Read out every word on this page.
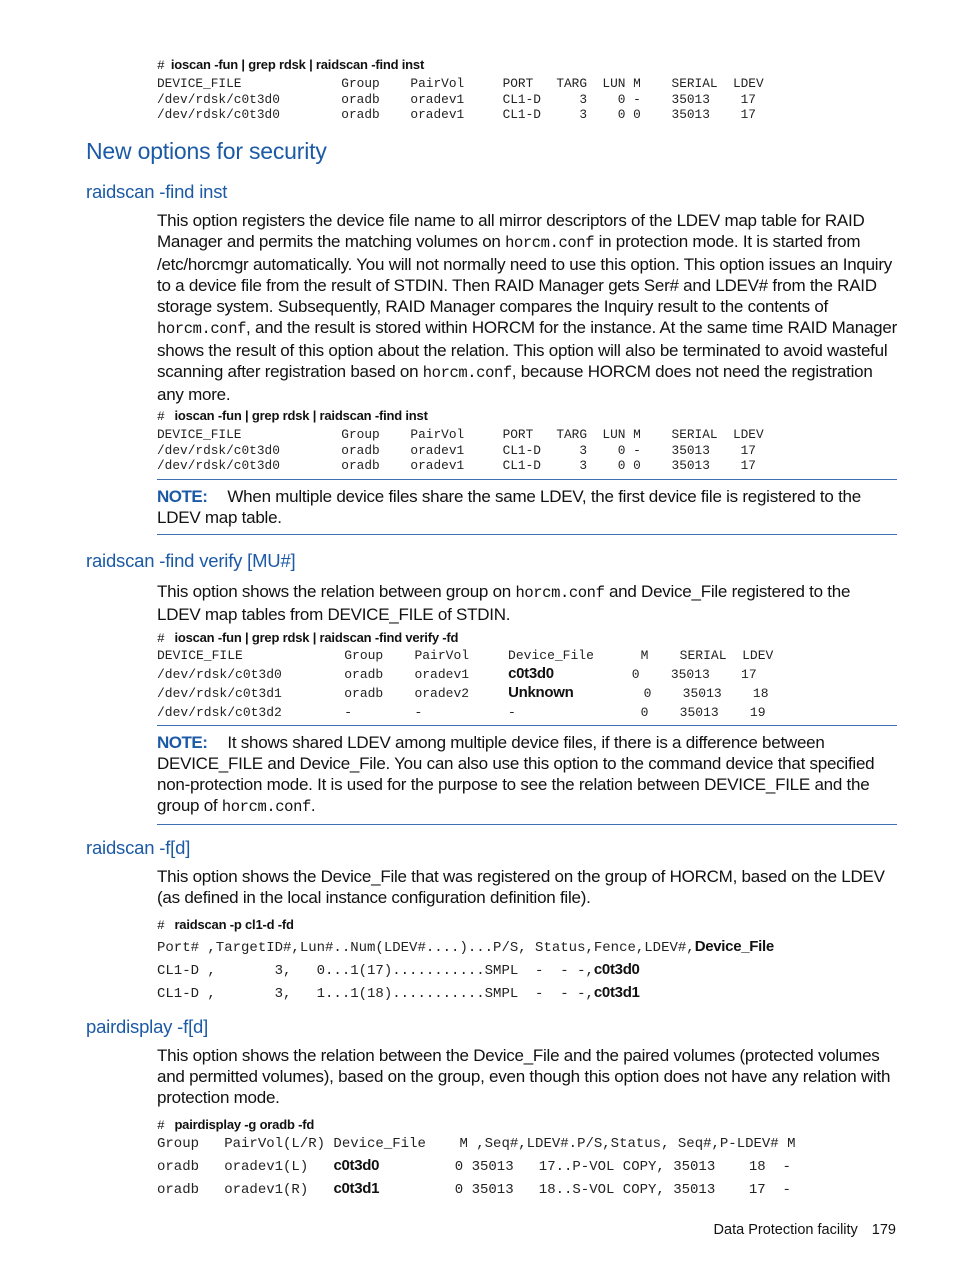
# ioscan -fun | grep rdsk | raidscan -find inst
DEVICE_FILE             Group    PairVol     PORT   TARG  LUN M    SERIAL  LDEV
/dev/rdsk/c0t3d0        oradb    oradev1     CL1-D     3    0 -    35013    17
/dev/rdsk/c0t3d0        oradb    oradev1     CL1-D     3    0 0    35013    17
New options for security
raidscan -find inst
This option registers the device file name to all mirror descriptors of the LDEV map table for RAID Manager and permits the matching volumes on horcm.conf in protection mode. It is started from /etc/horcmgr automatically. You will not normally need to use this option. This option issues an Inquiry to a device file from the result of STDIN. Then RAID Manager gets Ser# and LDEV# from the RAID storage system. Subsequently, RAID Manager compares the Inquiry result to the contents of horcm.conf, and the result is stored within HORCM for the instance. At the same time RAID Manager shows the result of this option about the relation. This option will also be terminated to avoid wasteful scanning after registration based on horcm.conf, because HORCM does not need the registration any more.
# ioscan -fun | grep rdsk | raidscan -find inst
DEVICE_FILE             Group    PairVol     PORT   TARG  LUN M    SERIAL  LDEV
/dev/rdsk/c0t3d0        oradb    oradev1     CL1-D     3    0 -    35013    17
/dev/rdsk/c0t3d0        oradb    oradev1     CL1-D     3    0 0    35013    17
NOTE: When multiple device files share the same LDEV, the first device file is registered to the LDEV map table.
raidscan -find verify [MU#]
This option shows the relation between group on horcm.conf and Device_File registered to the LDEV map tables from DEVICE_FILE of STDIN.
# ioscan -fun | grep rdsk | raidscan -find verify -fd
DEVICE_FILE             Group    PairVol     Device_File      M    SERIAL  LDEV
/dev/rdsk/c0t3d0        oradb    oradev1     c0t3d0          0    35013    17
/dev/rdsk/c0t3d1        oradb    oradev2     Unknown         0    35013    18
/dev/rdsk/c0t3d2        -        -           -                0    35013    19
NOTE: It shows shared LDEV among multiple device files, if there is a difference between DEVICE_FILE and Device_File. You can also use this option to the command device that specified non-protection mode. It is used for the purpose to see the relation between DEVICE_FILE and the group of horcm.conf.
raidscan -f[d]
This option shows the Device_File that was registered on the group of HORCM, based on the LDEV (as defined in the local instance configuration definition file).
# raidscan -p cl1-d -fd
Port# ,TargetID#,Lun#..Num(LDEV#....)...P/S, Status,Fence,LDEV#,Device_File
CL1-D ,       3,   0...1(17)...........SMPL  -  - -,c0t3d0
CL1-D ,       3,   1...1(18)...........SMPL  -  - -,c0t3d1
pairdisplay -f[d]
This option shows the relation between the Device_File and the paired volumes (protected volumes and permitted volumes), based on the group, even though this option does not have any relation with protection mode.
# pairdisplay -g oradb -fd
Group   PairVol(L/R) Device_File    M ,Seq#,LDEV#.P/S,Status, Seq#,P-LDEV# M
oradb   oradev1(L)   c0t3d0         0 35013   17..P-VOL COPY, 35013    18  -
oradb   oradev1(R)   c0t3d1         0 35013   18..S-VOL COPY, 35013    17  -
Data Protection facility 179
